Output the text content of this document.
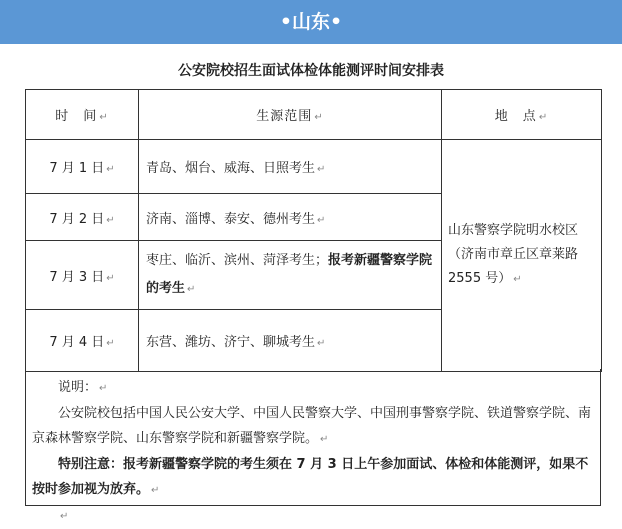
•山东•
公安院校招生面试体检体能测评时间安排表
时　间 ↵	生源范围 ↵	地　点 ↵
7 月 1 日 ↵	青岛、烟台、威海、日照考生 ↵	山东警察学院明水校区（济南市章丘区章莱路 2555 号） ↵
7 月 2 日 ↵	济南、淄博、泰安、德州考生 ↵	
7 月 3 日 ↵	枣庄、临沂、滨州、菏泽考生；报考新疆警察学院的考生 ↵	
7 月 4 日 ↵	东营、潍坊、济宁、聊城考生 ↵	
说明： ↵
公安院校包括中国人民公安大学、中国人民警察大学、中国刑事警察学院、铁道警察学院、南京森林警察学院、山东警察学院和新疆警察学院。 ↵
特别注意：报考新疆警察学院的考生须在 7 月 3 日上午参加面试、体检和体能测评，如果不按时参加视为放弃。 ↵
↵
